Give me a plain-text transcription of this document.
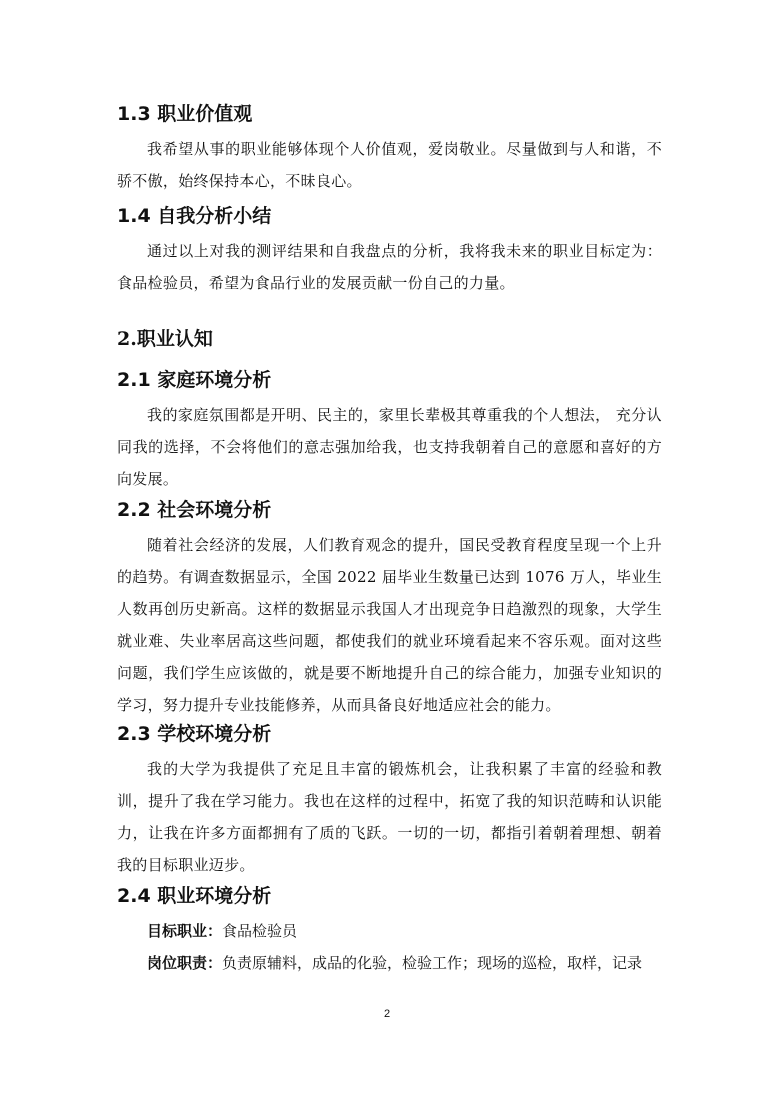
1.3 职业价值观

我希望从事的职业能够体现个人价值观，爱岗敬业。尽量做到与人和谐，不骄不傲，始终保持本心，不昧良心。

1.4 自我分析小结

通过以上对我的测评结果和自我盘点的分析，我将我未来的职业目标定为：食品检验员，希望为食品行业的发展贡献一份自己的力量。

2.职业认知
2.1 家庭环境分析

我的家庭氛围都是开明、民主的，家里长辈极其尊重我的个人想法， 充分认同我的选择，不会将他们的意志强加给我，也支持我朝着自己的意愿和喜好的方向发展。

2.2 社会环境分析

随着社会经济的发展，人们教育观念的提升，国民受教育程度呈现一个上升的趋势。有调查数据显示，全国 2022 届毕业生数量已达到 1076 万人，毕业生人数再创历史新高。这样的数据显示我国人才出现竞争日趋激烈的现象，大学生就业难、失业率居高这些问题，都使我们的就业环境看起来不容乐观。面对这些问题，我们学生应该做的，就是要不断地提升自己的综合能力，加强专业知识的学习，努力提升专业技能修养，从而具备良好地适应社会的能力。

2.3 学校环境分析

我的大学为我提供了充足且丰富的锻炼机会，让我积累了丰富的经验和教训，提升了我在学习能力。我也在这样的过程中，拓宽了我的知识范畴和认识能力，让我在许多方面都拥有了质的飞跃。一切的一切，都指引着朝着理想、朝着我的目标职业迈步。

2.4 职业环境分析

目标职业：食品检验员

岗位职责：负责原辅料，成品的化验，检验工作；现场的巡检，取样，记录

2
